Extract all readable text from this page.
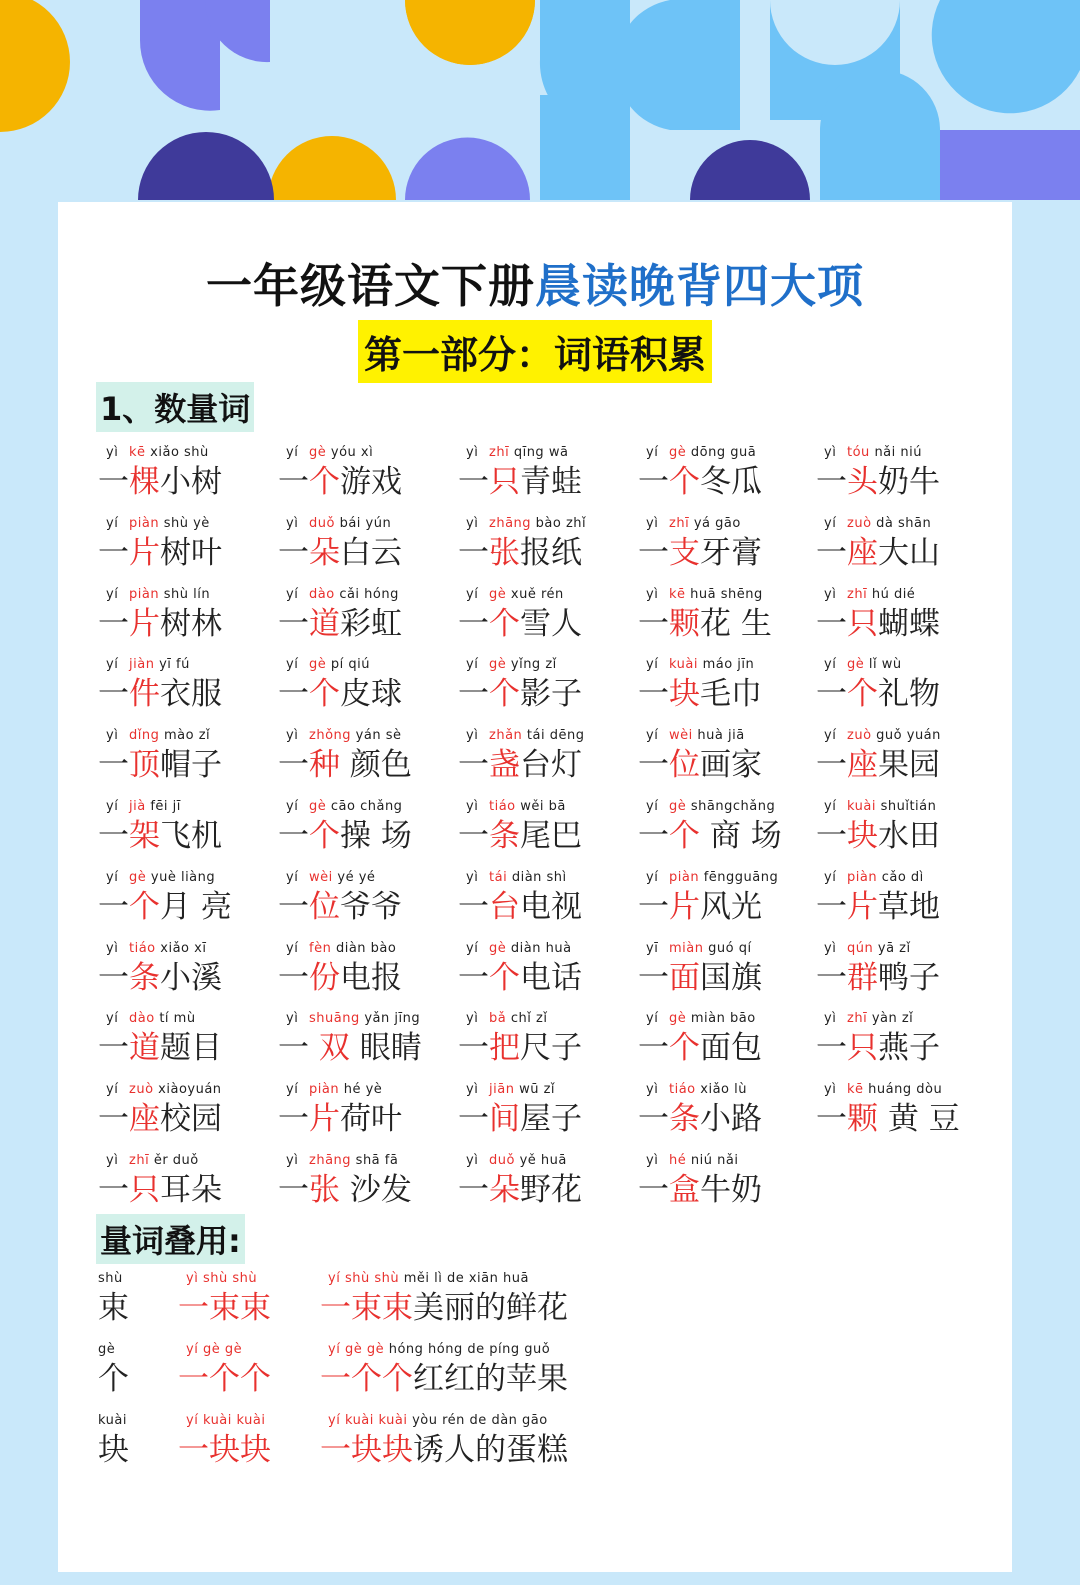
一年级语文下册晨读晚背四大项
第一部分：词语积累
1、数量词
yì kē xiǎo shù
一棵小树
yí gè yóu xì
一个游戏
yì zhī qīng wā
一只青蛙
yí gè dōng guā
一个冬瓜
yì tóu nǎi niú
一头奶牛
yí piàn shù yè
一片树叶
yì duǒ bái yún
一朵白云
yì zhāng bào zhǐ
一张报纸
yì zhī yá gāo
一支牙膏
yí zuò dà shān
一座大山
yí piàn shù lín
一片树林
yí dào cǎi hóng
一道彩虹
yí gè xuě rén
一个雪人
yì kē huā shēng
一颗花 生
yì zhī hú dié
一只蝴蝶
yí jiàn yī fú
一件衣服
yí gè pí qiú
一个皮球
yí gè yǐng zǐ
一个影子
yí kuài máo jīn
一块毛巾
yí gè lǐ wù
一个礼物
yì dǐng mào zǐ
一顶帽子
yì zhǒng yán sè
一种 颜色
yì zhǎn tái dēng
一盏台灯
yí wèi huà jiā
一位画家
yí zuò guǒ yuán
一座果园
yí jià fēi jī
一架飞机
yí gè cāo chǎng
一个操 场
yì tiáo wěi bā
一条尾巴
yí gè shāngchǎng
一个 商 场
yí kuài shuǐtián
一块水田
yí gè yuè liàng
一个月 亮
yí wèi yé yé
一位爷爷
yì tái diàn shì
一台电视
yí piàn fēngguāng
一片风光
yí piàn cǎo dì
一片草地
yì tiáo xiǎo xī
一条小溪
yí fèn diàn bào
一份电报
yí gè diàn huà
一个电话
yī miàn guó qí
一面国旗
yì qún yā zǐ
一群鸭子
yí dào tí mù
一道题目
yì shuāng yǎn jīng
一 双 眼睛
yì bǎ chǐ zǐ
一把尺子
yí gè miàn bāo
一个面包
yì zhī yàn zǐ
一只燕子
yí zuò xiàoyuán
一座校园
yí piàn hé yè
一片荷叶
yì jiān wū zǐ
一间屋子
yì tiáo xiǎo lù
一条小路
yì kē huáng dòu
一颗 黄 豆
yì zhī ěr duǒ
一只耳朵
yì zhāng shā fā
一张 沙发
yì duǒ yě huā
一朵野花
yì hé niú nǎi
一盒牛奶
量词叠用:
shù
束
yì shù shù
一束束
yí shù shù měi lì de xiān huā
一束束美丽的鲜花
gè
个
yí gè gè
一个个
yí gè gè hóng hóng de píng guǒ
一个个红红的苹果
kuài
块
yí kuài kuài
一块块
yí kuài kuài yòu rén de dàn gāo
一块块诱人的蛋糕
